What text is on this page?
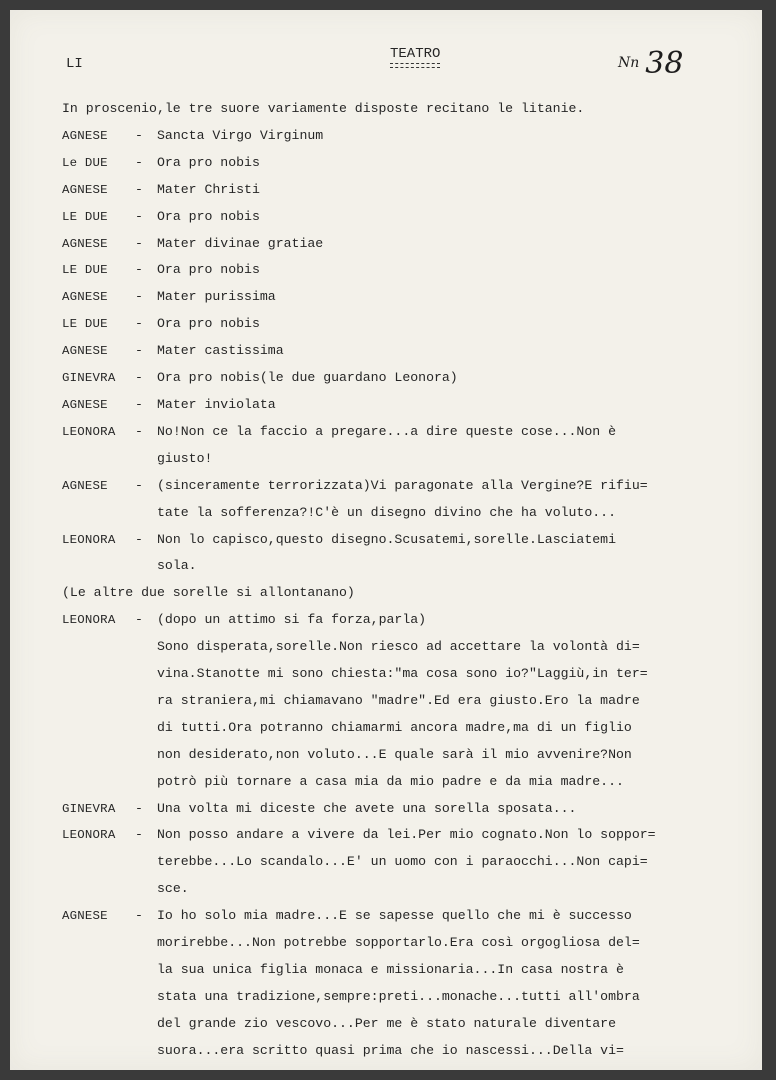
LI
TEATRO
$^{Nn}$ 38
In proscenio,le tre suore variamente disposte recitano le litanie.
AGNESE	-	Sancta Virgo Virginum
Le DUE	-	Ora pro nobis
AGNESE	-	Mater Christi
LE DUE	-	Ora pro nobis
AGNESE	-	Mater divinae gratiae
LE DUE	-	Ora pro nobis
AGNESE	-	Mater purissima
LE DUE	-	Ora pro nobis
AGNESE	-	Mater castissima
GINEVRA	-	Ora pro nobis(le due guardano Leonora)
AGNESE	-	Mater inviolata
LEONORA	-	No!Non ce la faccio a pregare...a dire queste cose...Non è
giusto!
AGNESE	-	(sinceramente terrorizzata)Vi paragonate alla Vergine?E rifiu=
tate la sofferenza?!C'è un disegno divino che ha voluto...
LEONORA	-	Non lo capisco,questo disegno.Scusatemi,sorelle.Lasciatemi
sola.
(Le altre due sorelle si allontanano)
LEONORA	-	(dopo un attimo si fa forza,parla)
Sono disperata,sorelle.Non riesco ad accettare la volontà di=
vina.Stanotte mi sono chiesta:"ma cosa sono io?"Laggiù,in ter=
ra straniera,mi chiamavano "madre".Ed era giusto.Ero la madre
di tutti.Ora potranno chiamarmi ancora madre,ma di un figlio
non desiderato,non voluto...E quale sarà il mio avvenire?Non
potrò più tornare a casa mia da mio padre e da mia madre...
GINEVRA	-	Una volta mi diceste che avete una sorella sposata...
LEONORA	-	Non posso andare a vivere da lei.Per mio cognato.Non lo soppor=
terebbe...Lo scandalo...E' un uomo con i paraocchi...Non capi=
sce.
AGNESE	-	Io ho solo mia madre...E se sapesse quello che mi è successo
morirebbe...Non potrebbe sopportarlo.Era così orgogliosa del=
la sua unica figlia monaca e missionaria...In casa nostra è
stata una tradizione,sempre:preti...monache...tutti all'ombra
del grande zio vescovo...Per me è stato naturale diventare
suora...era scritto quasi prima che io nascessi...Della vi=
